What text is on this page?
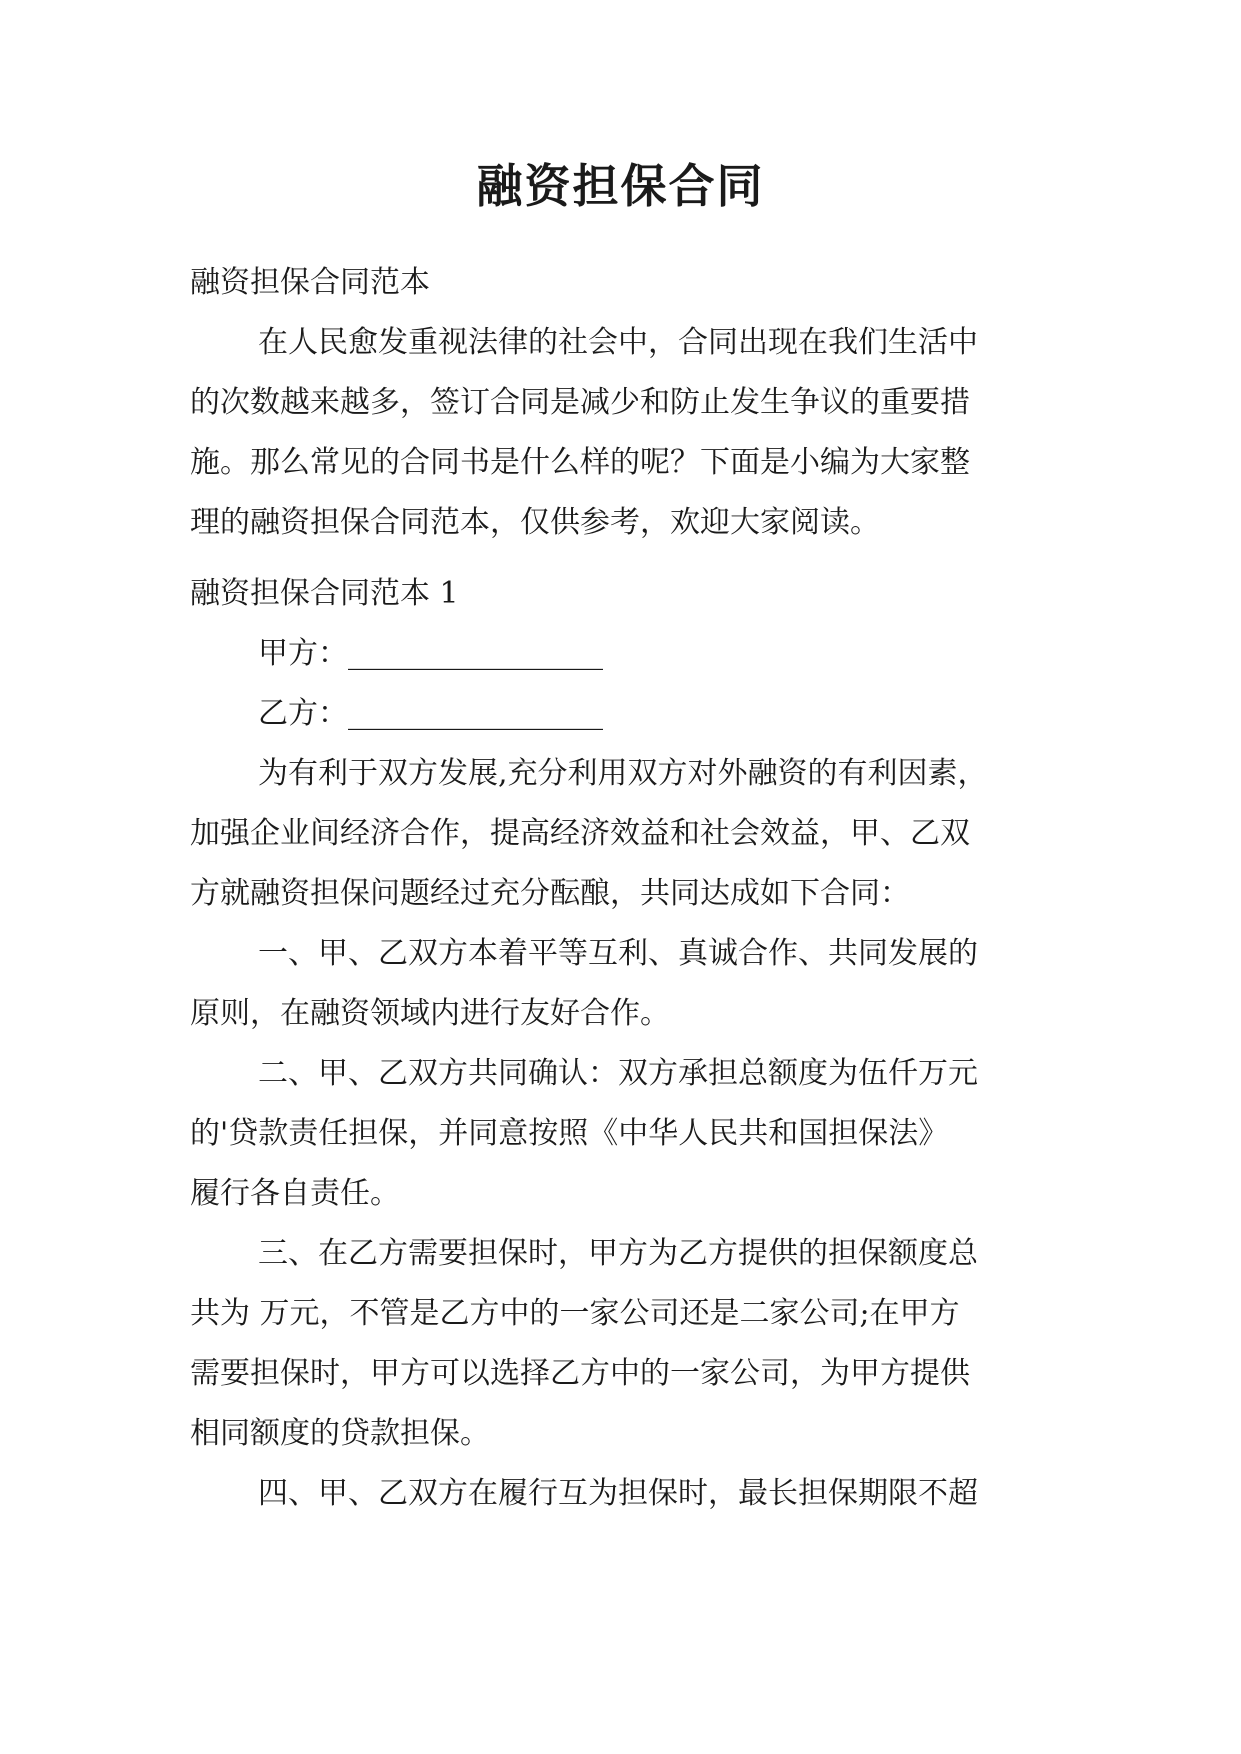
融资担保合同
融资担保合同范本
在人民愈发重视法律的社会中，合同出现在我们生活中
的次数越来越多，签订合同是减少和防止发生争议的重要措
施。那么常见的合同书是什么样的呢？下面是小编为大家整
理的融资担保合同范本，仅供参考，欢迎大家阅读。
融资担保合同范本 1
甲方：_________________
乙方：_________________
为有利于双方发展,充分利用双方对外融资的有利因素，
加强企业间经济合作，提高经济效益和社会效益，甲、乙双
方就融资担保问题经过充分酝酿，共同达成如下合同：
一、甲、乙双方本着平等互利、真诚合作、共同发展的
原则，在融资领域内进行友好合作。
二、甲、乙双方共同确认：双方承担总额度为伍仟万元
的'贷款责任担保，并同意按照《中华人民共和国担保法》
履行各自责任。
三、在乙方需要担保时，甲方为乙方提供的担保额度总
共为 万元，不管是乙方中的一家公司还是二家公司;在甲方
需要担保时，甲方可以选择乙方中的一家公司，为甲方提供
相同额度的贷款担保。
四、甲、乙双方在履行互为担保时，最长担保期限不超
